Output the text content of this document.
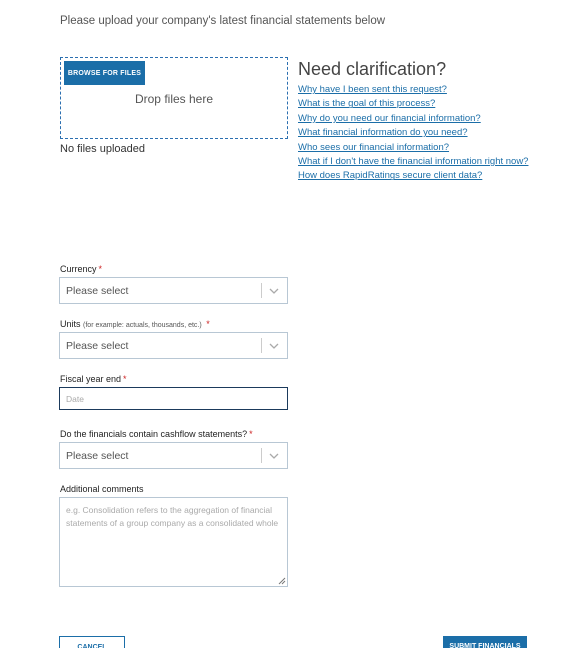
Please upload your company's latest financial statements below
BROWSE FOR FILES
Drop files here
No files uploaded
Need clarification?
Why have I been sent this request?
What is the goal of this process?
Why do you need our financial information?
What financial information do you need?
Who sees our financial information?
What if I don't have the financial information right now?
How does RapidRatings secure client data?
Currency *
Please select
Units (for example: actuals, thousands, etc.) *
Please select
Fiscal year end *
Date
Do the financials contain cashflow statements? *
Please select
Additional comments
e.g. Consolidation refers to the aggregation of financial statements of a group company as a consolidated whole
CANCEL	SUBMIT FINANCIALS
